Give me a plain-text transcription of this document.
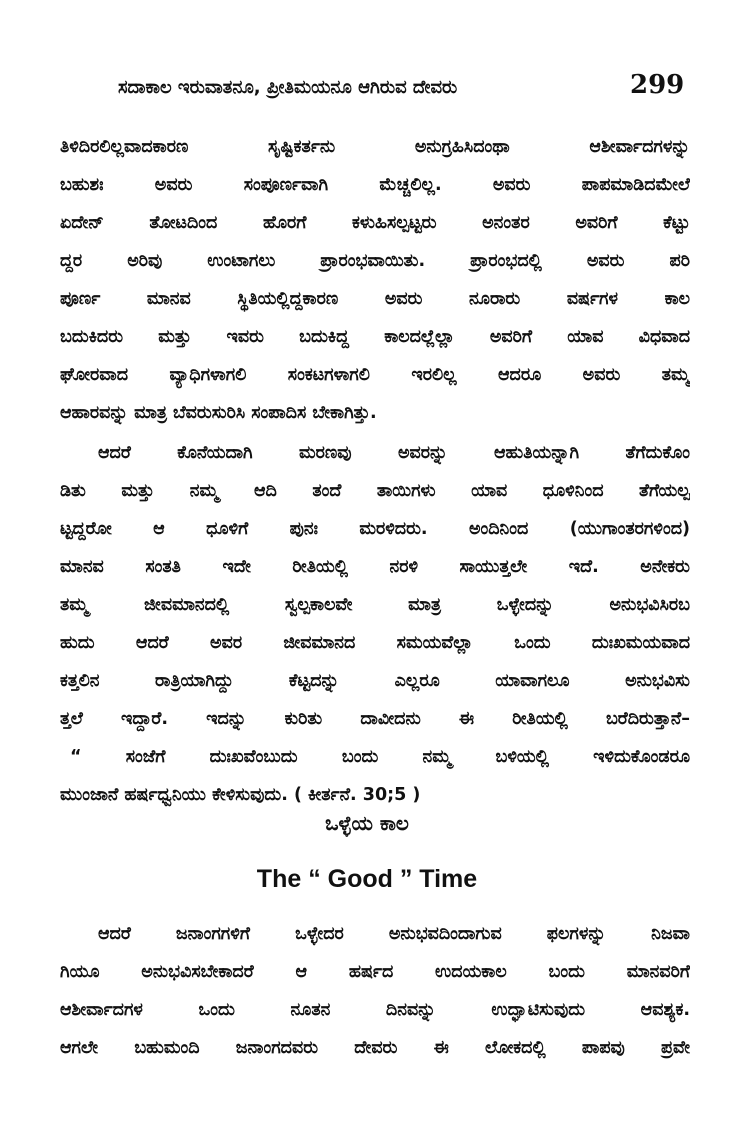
ಸದಾಕಾಲ ಇರುವಾತನೂ, ಪ್ರೀತಿಮಯನೂ ಆಗಿರುವ ದೇವರು	299
ತಿಳಿದಿರಲಿಲ್ಲವಾದಕಾರಣ ಸೃಷ್ಟಿಕರ್ತನು ಅನುಗ್ರಹಿಸಿದಂಥಾ ಆಶೀರ್ವಾದಗಳನ್ನು
ಬಹುಶಃ ಅವರು ಸಂಪೂರ್ಣವಾಗಿ ಮೆಚ್ಚಲಿಲ್ಲ. ಅವರು ಪಾಪಮಾಡಿದಮೇಲೆ
ಏದೇನ್ ತೋಟದಿಂದ ಹೊರಗೆ ಕಳುಹಿಸಲ್ಪಟ್ಟರು ಅನಂತರ ಅವರಿಗೆ ಕೆಟ್ಟು
ದ್ದರ ಅರಿವು ಉಂಟಾಗಲು ಪ್ರಾರಂಭವಾಯಿತು. ಪ್ರಾರಂಭದಲ್ಲಿ ಅವರು ಪರಿ
ಪೂರ್ಣ ಮಾನವ ಸ್ಥಿತಿಯಲ್ಲಿದ್ದಕಾರಣ ಅವರು ನೂರಾರು ವರ್ಷಗಳ ಕಾಲ
ಬದುಕಿದರು ಮತ್ತು ಇವರು ಬದುಕಿದ್ದ ಕಾಲದಲ್ಲೆಲ್ಲಾ ಅವರಿಗೆ ಯಾವ ವಿಧವಾದ
ಘೋರವಾದ ವ್ಯಾಧಿಗಳಾಗಲಿ ಸಂಕಟಗಳಾಗಲಿ ಇರಲಿಲ್ಲ ಆದರೂ ಅವರು ತಮ್ಮ
ಆಹಾರವನ್ನು ಮಾತ್ರ ಬೆವರುಸುರಿಸಿ ಸಂಪಾದಿಸ ಬೇಕಾಗಿತ್ತು.
ಆದರೆ ಕೊನೆಯದಾಗಿ ಮರಣವು ಅವರನ್ನು ಆಹುತಿಯನ್ನಾಗಿ ತೆಗೆದುಕೊಂ
ಡಿತು ಮತ್ತು ನಮ್ಮ ಆದಿ ತಂದೆ ತಾಯಿಗಳು ಯಾವ ಧೂಳಿನಿಂದ ತೆಗೆಯಲ್ಪ
ಟ್ಟದ್ದರೋ ಆ ಧೂಳಿಗೆ ಪುನಃ ಮರಳಿದರು. ಅಂದಿನಿಂದ (ಯುಗಾಂತರಗಳಿಂದ)
ಮಾನವ ಸಂತತಿ ಇದೇ ರೀತಿಯಲ್ಲಿ ನರಳಿ ಸಾಯುತ್ತಲೇ ಇದೆ. ಅನೇಕರು
ತಮ್ಮ ಜೀವಮಾನದಲ್ಲಿ ಸ್ವಲ್ಪಕಾಲವೇ ಮಾತ್ರ ಒಳ್ಳೇದನ್ನು ಅನುಭವಿಸಿರಬ
ಹುದು ಆದರೆ ಅವರ ಜೀವಮಾನದ ಸಮಯವೆಲ್ಲಾ ಒಂದು ದುಃಖಮಯವಾದ
ಕತ್ತಲಿನ ರಾತ್ರಿಯಾಗಿದ್ದು ಕೆಟ್ಟದನ್ನು ಎಲ್ಲರೂ ಯಾವಾಗಲೂ ಅನುಭವಿಸು
ತ್ತಲೆ ಇದ್ದಾರೆ. ಇದನ್ನು ಕುರಿತು ದಾವೀದನು ಈ ರೀತಿಯಲ್ಲಿ ಬರೆದಿರುತ್ತಾನೆ–
“ ಸಂಜೆಗೆ ದುಃಖವೆಂಬುದು ಬಂದು ನಮ್ಮ ಬಳಿಯಲ್ಲಿ ಇಳಿದುಕೊಂಡರೂ
ಮುಂಜಾನೆ ಹರ್ಷಧ್ವನಿಯು ಕೇಳಿಸುವುದು. ( ಕೀರ್ತನೆ. 30;5 )
ಒಳ್ಳೆಯ ಕಾಲ
The “ Good ” Time
ಆದರೆ ಜನಾಂಗಗಳಿಗೆ ಒಳ್ಳೇದರ ಅನುಭವದಿಂದಾಗುವ ಫಲಗಳನ್ನು ನಿಜವಾ
ಗಿಯೂ ಅನುಭವಿಸಬೇಕಾದರೆ ಆ ಹರ್ಷದ ಉದಯಕಾಲ ಬಂದು ಮಾನವರಿಗೆ
ಆಶೀರ್ವಾದಗಳ ಒಂದು ನೂತನ ದಿನವನ್ನು ಉದ್ಘಾಟಿಸುವುದು ಆವಶ್ಯಕ.
ಆಗಲೇ ಬಹುಮಂದಿ ಜನಾಂಗದವರು ದೇವರು ಈ ಲೋಕದಲ್ಲಿ ಪಾಪವು ಪ್ರವೇ
